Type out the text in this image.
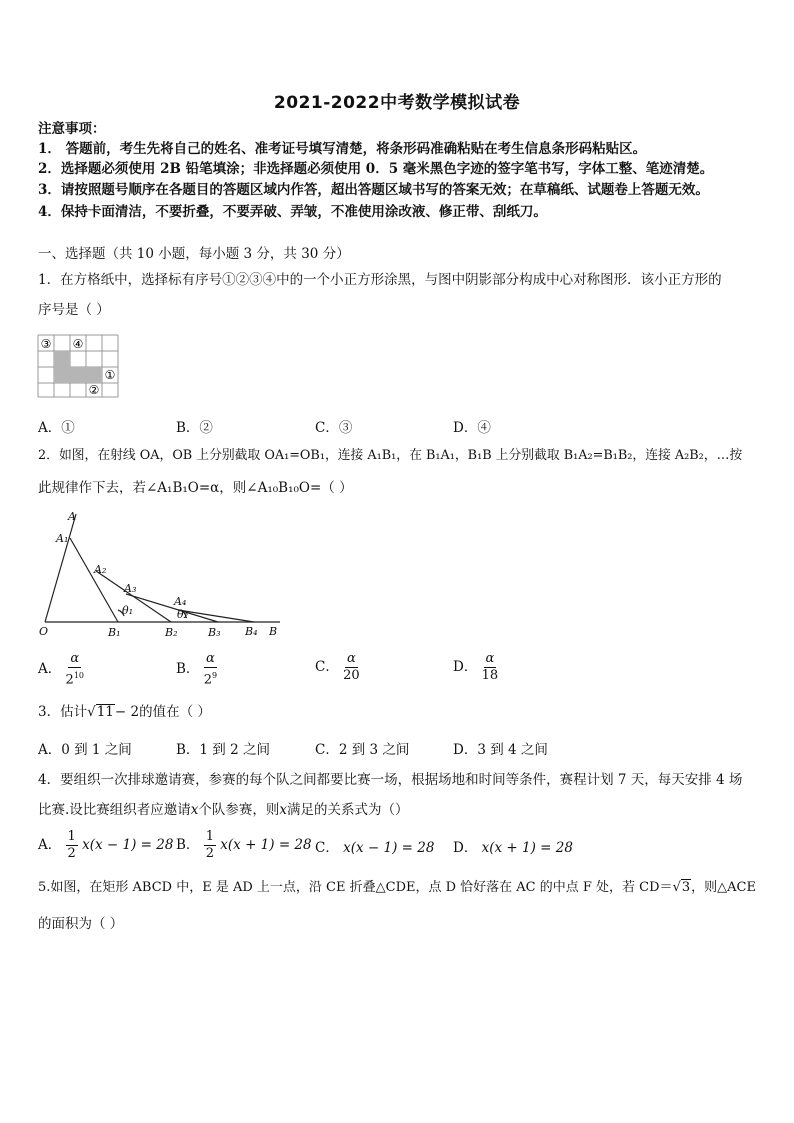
2021-2022中考数学模拟试卷
注意事项：
1． 答题前，考生先将自己的姓名、准考证号填写清楚，将条形码准确粘贴在考生信息条形码粘贴区。
2．选择题必须使用 2B 铅笔填涂；非选择题必须使用 0．5 毫米黑色字迹的签字笔书写，字体工整、笔迹清楚。
3．请按照题号顺序在各题目的答题区域内作答，超出答题区域书写的答案无效；在草稿纸、试题卷上答题无效。
4．保持卡面清洁，不要折叠，不要弄破、弄皱，不准使用涂改液、修正带、刮纸刀。
一、选择题（共 10 小题，每小题 3 分，共 30 分）
1．在方格纸中，选择标有序号①②③④中的一个小正方形涂黑，与图中阴影部分构成中心对称图形．该小正方形的
序号是（ ）
③ ④
①
②
A．①	B．②	C．③	D．④
2．如图，在射线 OA，OB 上分别截取 OA₁=OB₁，连接 A₁B₁，在 B₁A₁，B₁B 上分别截取 B₁A₂=B₁B₂，连接 A₂B₂，…按
此规律作下去，若∠A₁B₁O=α，则∠A₁₀B₁₀O=（ ）
A
A₁
A₂
A₃
A₄
θ₁	θ₂
O	B₁	B₂	B₃ B₄ B
A． $\frac{\alpha}{2^{10}}$	B． $\frac{\alpha}{2^9}$	C． $\frac{\alpha}{20}$	D． $\frac{\alpha}{18}$
3．估计√11− 2的值在（ ）
A．0 到 1 之间	B．1 到 2 之间	C．2 到 3 之间	D．3 到 4 之间
4．要组织一次排球邀请赛，参赛的每个队之间都要比赛一场，根据场地和时间等条件，赛程计划 7 天，每天安排 4 场
比赛.设比赛组织者应邀请x个队参赛，则x满足的关系式为（）
A． $\frac{1}{2} x(x - 1) = 28$ B． $\frac{1}{2} x(x + 1) = 28$ C． x(x − 1) = 28 D． x(x + 1) = 28
5.如图，在矩形 ABCD 中，E 是 AD 上一点，沿 CE 折叠△CDE，点 D 恰好落在 AC 的中点 F 处，若 CD＝√3，则△ACE
的面积为（ ）
